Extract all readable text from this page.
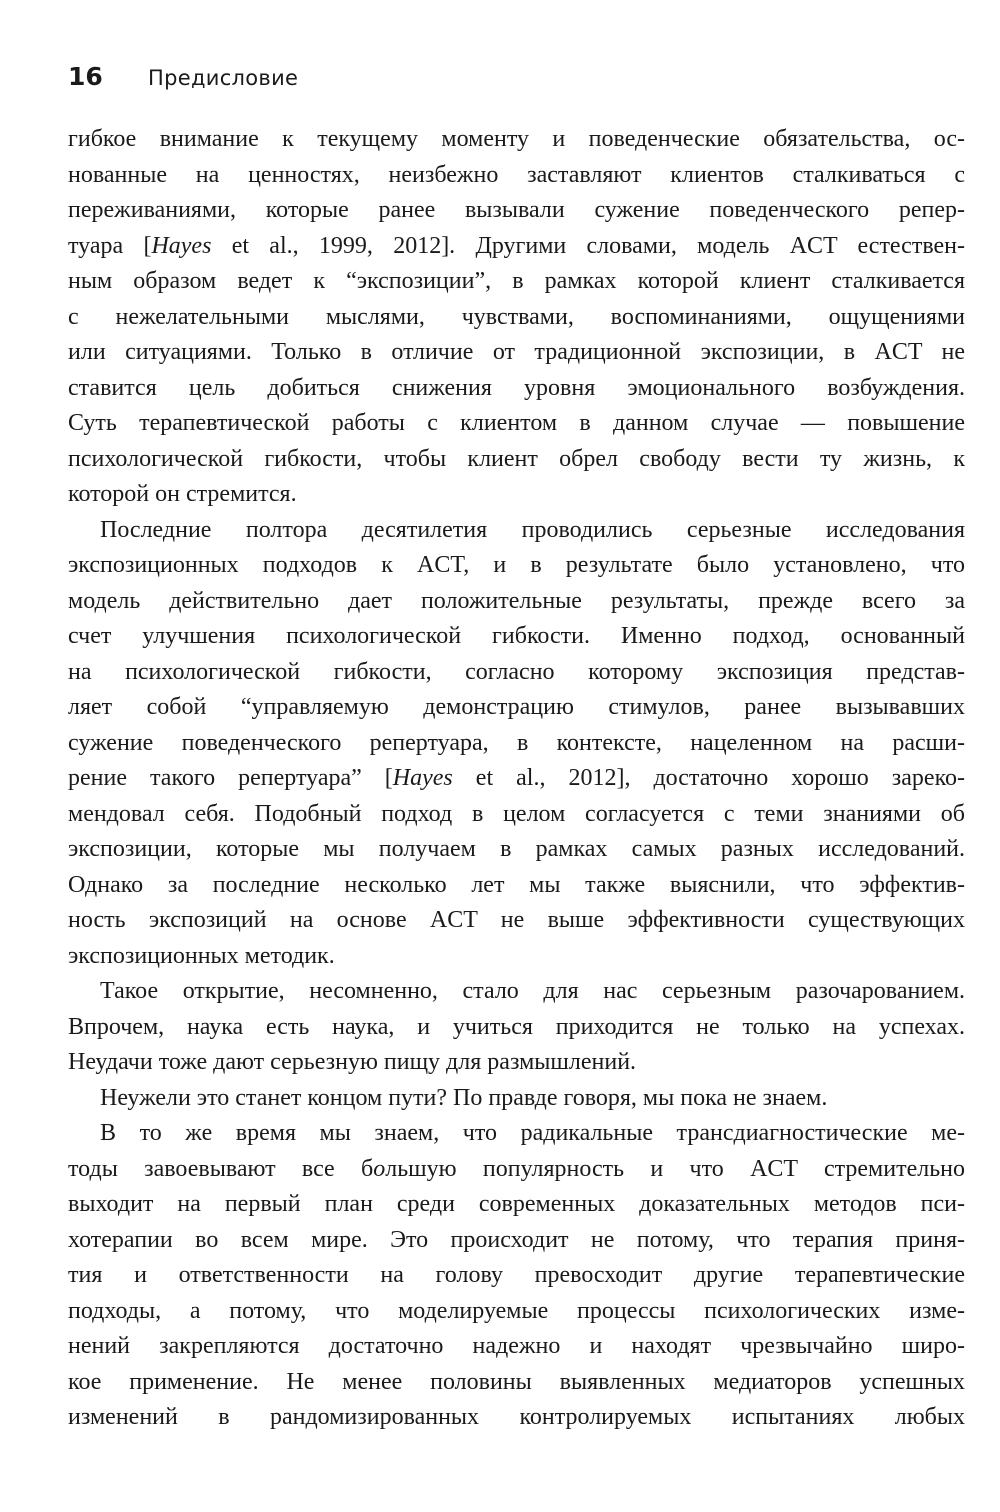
16	Предисловие
гибкое внимание к текущему моменту и поведенческие обязательства, ос-
нованные на ценностях, неизбежно заставляют клиентов сталкиваться с
переживаниями, которые ранее вызывали сужение поведенческого репер-
туара [Hayes et al., 1999, 2012]. Другими словами, модель ACT естествен-
ным образом ведет к “экспозиции”, в рамках которой клиент сталкивается
с нежелательными мыслями, чувствами, воспоминаниями, ощущениями
или ситуациями. Только в отличие от традиционной экспозиции, в ACT не
ставится цель добиться снижения уровня эмоционального возбуждения.
Суть терапевтической работы с клиентом в данном случае — повышение
психологической гибкости, чтобы клиент обрел свободу вести ту жизнь, к
которой он стремится.
Последние полтора десятилетия проводились серьезные исследования
экспозиционных подходов к ACT, и в результате было установлено, что
модель действительно дает положительные результаты, прежде всего за
счет улучшения психологической гибкости. Именно подход, основанный
на психологической гибкости, согласно которому экспозиция представ-
ляет собой “управляемую демонстрацию стимулов, ранее вызывавших
сужение поведенческого репертуара, в контексте, нацеленном на расши-
рение такого репертуара” [Hayes et al., 2012], достаточно хорошо зареко-
мендовал себя. Подобный подход в целом согласуется с теми знаниями об
экспозиции, которые мы получаем в рамках самых разных исследований.
Однако за последние несколько лет мы также выяснили, что эффектив-
ность экспозиций на основе ACT не выше эффективности существующих
экспозиционных методик.
Такое открытие, несомненно, стало для нас серьезным разочарованием.
Впрочем, наука есть наука, и учиться приходится не только на успехах.
Неудачи тоже дают серьезную пищу для размышлений.
Неужели это станет концом пути? По правде говоря, мы пока не знаем.
В то же время мы знаем, что радикальные трансдиагностические ме-
тоды завоевывают все большую популярность и что ACT стремительно
выходит на первый план среди современных доказательных методов пси-
хотерапии во всем мире. Это происходит не потому, что терапия приня-
тия и ответственности на голову превосходит другие терапевтические
подходы, а потому, что моделируемые процессы психологических изме-
нений закрепляются достаточно надежно и находят чрезвычайно широ-
кое применение. Не менее половины выявленных медиаторов успешных
изменений в рандомизированных контролируемых испытаниях любых
